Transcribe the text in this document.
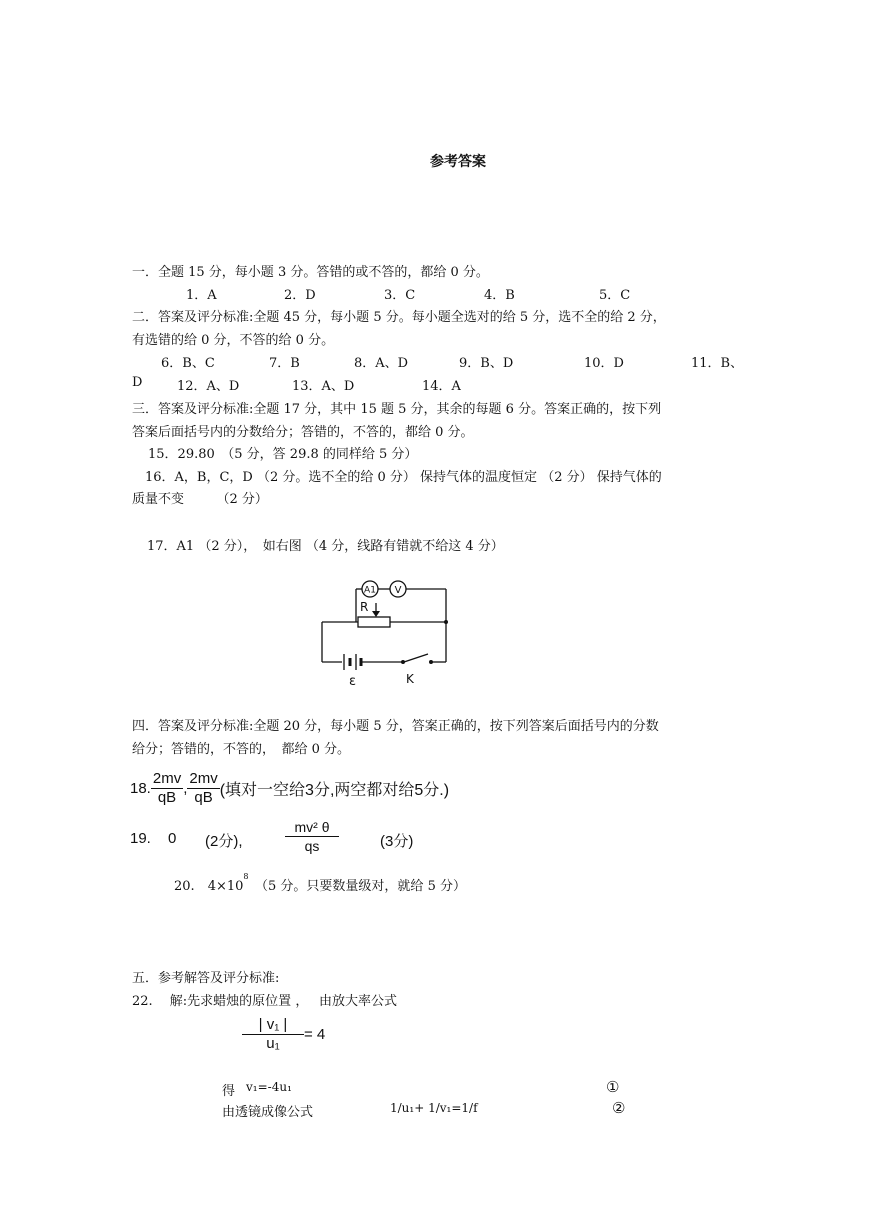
参考答案
一．全题 15 分，每小题 3 分。答错的或不答的，都给 0 分。
1．A	2．D	3．C	4．B	5．C
二．答案及评分标准:全题 45 分，每小题 5 分。每小题全选对的给 5 分，选不全的给 2 分，
有选错的给 0 分，不答的给 0 分。
6．B、C	7．B	8．A、D	9．B、D	10．D	11．B、
D	12．A、D	13．A、D	14．A
三．答案及评分标准:全题 17 分，其中 15 题 5 分，其余的每题 6 分。答案正确的，按下列
答案后面括号内的分数给分；答错的，不答的，都给 0 分。
15．29.80　（5 分，答 29.8 的同样给 5 分）
16．A，B，C，D （2 分。选不全的给 0 分） 保持气体的温度恒定 （2 分） 保持气体的
质量不变　　　（2 分）
17．A1 （2 分），　如右图 （4 分，线路有错就不给这 4 分）
A1 V
R
ε	K
四．答案及评分标准:全题 20 分，每小题 5 分，答案正确的，按下列答案后面括号内的分数
给分；答错的，不答的，　都给 0 分。
18. $\frac{2mv}{qB}$ , $\frac{2mv}{qB}$ (填对一空给3分,两空都对给5分.)
19. 0 (2分),	$\frac{\text{mv² θ}}{qs}$	(3分)
20.　 $4\times 10^8$　（5 分。只要数量级对，就给 5 分）
五．参考解答及评分标准:
22.　 解:先求蜡烛的原位置 ，　 由放大率公式
$\frac{\text{| v₁ |}}{\text{u₁}} = 4$
得 v₁=-4u₁	①
由透镜成像公式	1/u₁+ 1/v₁=1/f	②
